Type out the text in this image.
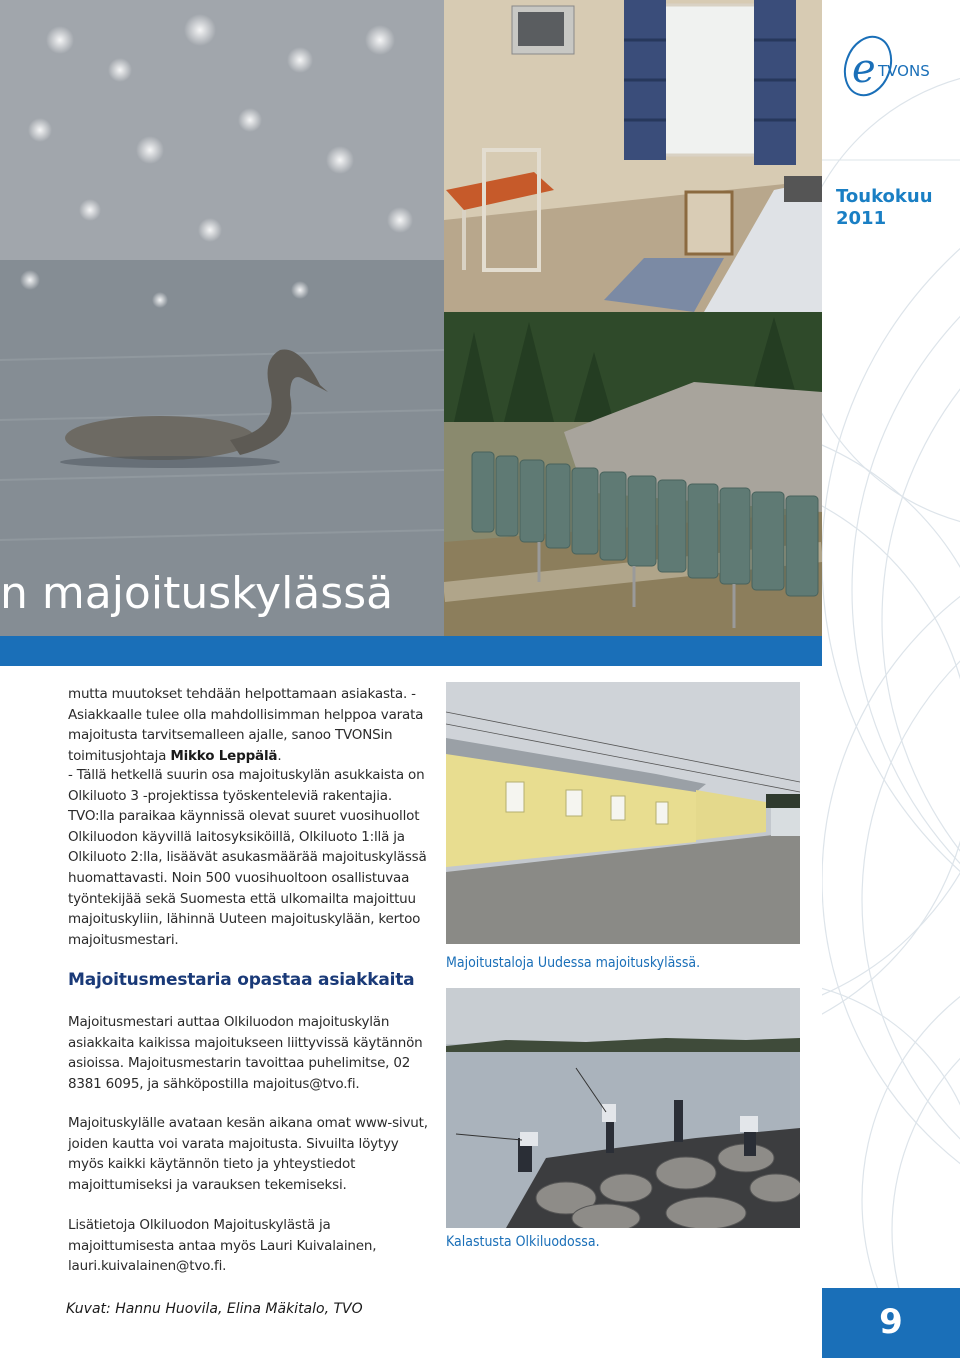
e TVONS
Toukokuu
2011
n majoituskylässä
Majoitustaloja Uudessa majoituskylässä.
Kalastusta Olkiluodossa.
mutta muutokset tehdään helpottamaan asiakasta. - Asiakkaalle tulee olla mahdollisimman helppoa varata majoitusta tarvitsemalleen ajalle, sanoo TVONSin toimitusjohtaja Mikko Leppälä.
- Tällä hetkellä suurin osa majoituskylän asukkaista on Olkiluoto 3 -projektissa työskenteleviä rakentajia. TVO:lla paraikaa käynnissä olevat suuret vuosihuollot Olkiluodon käyvillä laitosyksiköillä, Olkiluoto 1:llä ja Olkiluoto 2:lla, lisäävät asukasmäärää majoituskylässä huomattavasti. Noin 500 vuosihuoltoon osallistuvaa työntekijää sekä Suomesta että ulkomailta majoittuu majoituskyliin, lähinnä Uuteen majoituskylään, kertoo majoitusmestari.
Majoitusmestaria opastaa asiakkaita
Majoitusmestari auttaa Olkiluodon majoituskylän asiakkaita kaikissa majoitukseen liittyvissä käytännön asioissa. Majoitusmestarin tavoittaa puhelimitse, 02 8381 6095, ja sähköpostilla majoitus@tvo.fi.
Majoituskylälle avataan kesän aikana omat www-sivut, joiden kautta voi varata majoitusta. Sivuilta löytyy myös kaikki käytännön tieto ja yhteystiedot majoittumiseksi ja varauksen tekemiseksi.
Lisätietoja Olkiluodon Majoituskylästä ja majoittumisesta antaa myös Lauri Kuivalainen, lauri.kuivalainen@tvo.fi.
Kuvat: Hannu Huovila, Elina Mäkitalo, TVO	9
